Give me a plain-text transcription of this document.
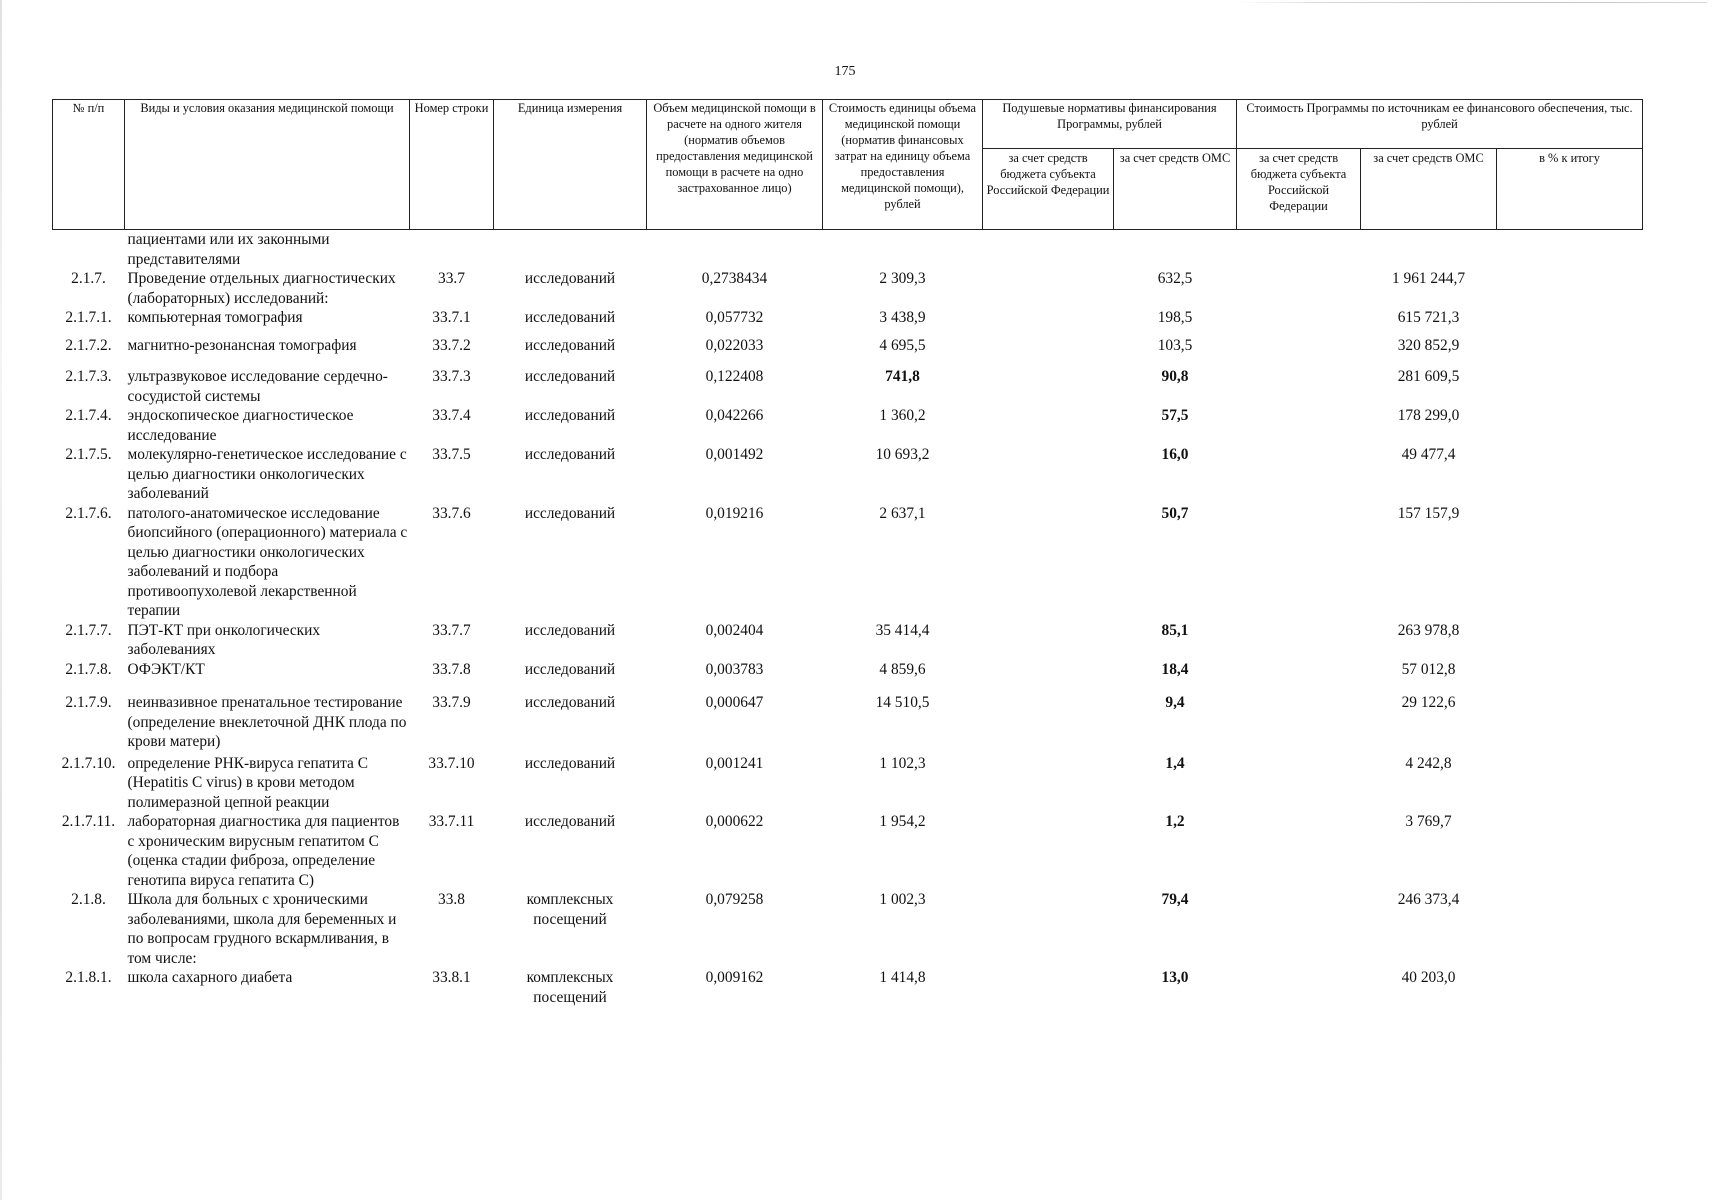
175
№ п/п	Виды и условия оказания медицинской помощи	Номер строки	Единица измерения	Объем медицинской помощи в расчете на одного жителя (норматив объемов предоставления медицинской помощи в расчете на одно застрахованное лицо)	Стоимость единицы объема медицинской помощи (норматив финансовых затрат на единицу объема предоставления медицинской помощи), рублей	Подушевые нормативы финансирования Программы, рублей		Стоимость Программы по источникам ее финансового обеспечения, тыс. рублей		
						за счет средств бюджета субъекта Российской Федерации	за счет средств ОМС	за счет средств бюджета субъекта Российской Федерации	за счет средств ОМС	в % к итогу
	пациентами или их законными представителями									
2.1.7.	Проведение отдельных диагностических (лабораторных) исследований:	33.7	исследований	0,2738434	2 309,3		632,5		1 961 244,7	
2.1.7.1.	компьютерная томография	33.7.1	исследований	0,057732	3 438,9		198,5		615 721,3	
2.1.7.2.	магнитно-резонансная томография	33.7.2	исследований	0,022033	4 695,5		103,5		320 852,9	
2.1.7.3.	ультразвуковое исследование сердечно-сосудистой системы	33.7.3	исследований	0,122408	741,8		90,8		281 609,5	
2.1.7.4.	эндоскопическое диагностическое исследование	33.7.4	исследований	0,042266	1 360,2		57,5		178 299,0	
2.1.7.5.	молекулярно-генетическое исследование с целью диагностики онкологических заболеваний	33.7.5	исследований	0,001492	10 693,2		16,0		49 477,4	
2.1.7.6.	патолого-анатомическое исследование биопсийного (операционного) материала с целью диагностики онкологических заболеваний и подбора противоопухолевой лекарственной терапии	33.7.6	исследований	0,019216	2 637,1		50,7		157 157,9	
2.1.7.7.	ПЭТ-КТ при онкологических заболеваниях	33.7.7	исследований	0,002404	35 414,4		85,1		263 978,8	
2.1.7.8.	ОФЭКТ/КТ	33.7.8	исследований	0,003783	4 859,6		18,4		57 012,8	
2.1.7.9.	неинвазивное пренатальное тестирование (определение внеклеточной ДНК плода по крови матери)	33.7.9	исследований	0,000647	14 510,5		9,4		29 122,6	
2.1.7.10.	определение РНК-вируса гепатита С (Hepatitis C virus) в крови методом полимеразной цепной реакции	33.7.10	исследований	0,001241	1 102,3		1,4		4 242,8	
2.1.7.11.	лабораторная диагностика для пациентов с хроническим вирусным гепатитом С (оценка стадии фиброза, определение генотипа вируса гепатита С)	33.7.11	исследований	0,000622	1 954,2		1,2		3 769,7	
2.1.8.	Школа для больных с хроническими заболеваниями, школа для беременных и по вопросам грудного вскармливания, в том числе:	33.8	комплексных посещений	0,079258	1 002,3		79,4		246 373,4	
2.1.8.1.	школа сахарного диабета	33.8.1	комплексных посещений	0,009162	1 414,8		13,0		40 203,0	
